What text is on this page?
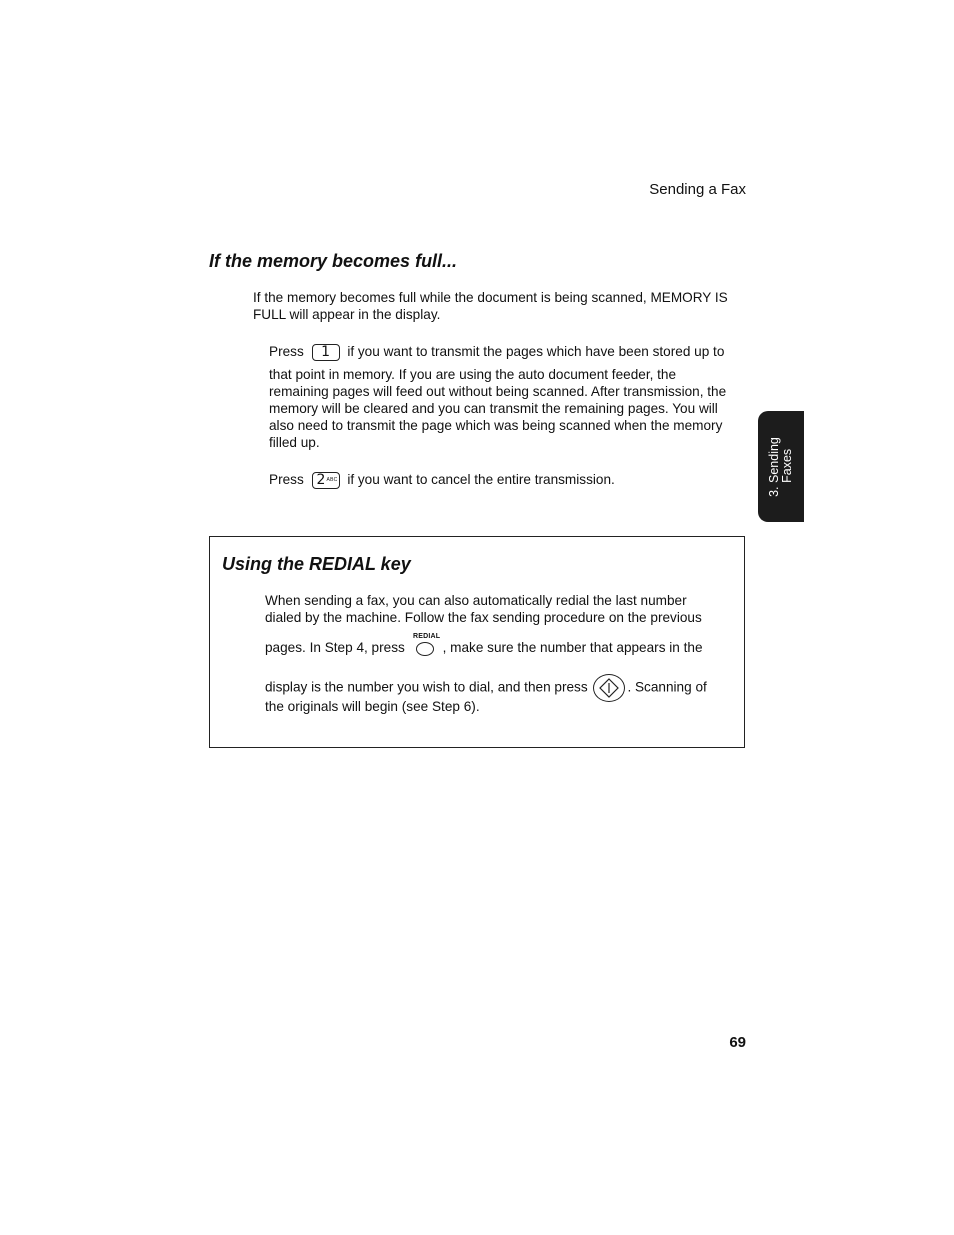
Sending a Fax
If the memory becomes full...
If the memory becomes full while the document is being scanned, MEMORY IS FULL will appear in the display.
Press	1	if you want to transmit the pages which have been stored up to
that point in memory. If you are using the auto document feeder, the remaining pages will feed out without being scanned. After transmission, the memory will be cleared and you can transmit the remaining pages. You will also need to transmit the page which was being scanned when the memory filled up.
Press 2 ABC if you want to cancel the entire transmission.
Using the REDIAL key
When sending a fax, you can also automatically redial the last number
dialed by the machine. Follow the fax sending procedure on the previous
pages. In Step 4, press
REDIAL
, make sure the number that appears in the
display is the number you wish to dial, and then press	. Scanning of
the originals will begin (see Step 6).
3. Sending Faxes
69
